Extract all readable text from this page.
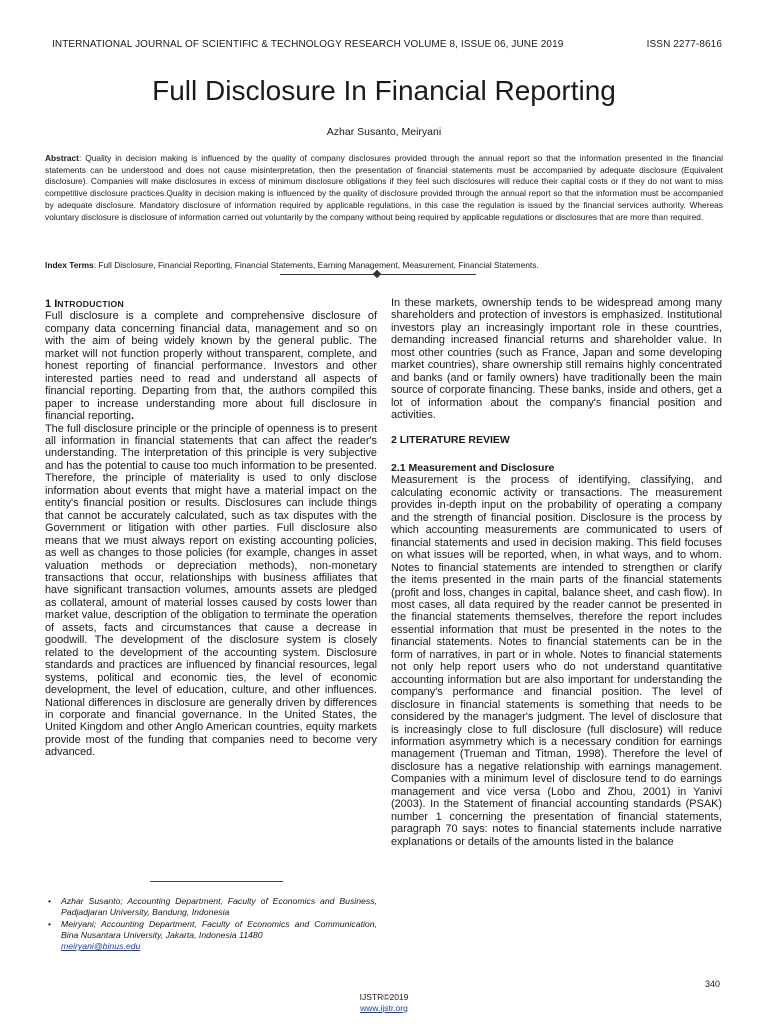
INTERNATIONAL JOURNAL OF SCIENTIFIC & TECHNOLOGY RESEARCH VOLUME 8, ISSUE 06, JUNE 2019	ISSN 2277-8616
Full Disclosure In Financial Reporting
Azhar Susanto, Meiryani

Abstract: Quality in decision making is influenced by the quality of company disclosures provided through the annual report so that the information presented in the financial statements can be understood and does not cause misinterpretation, then the presentation of financial statements must be accompanied by adequate disclosure (Equivalent disclosure). Companies will make disclosures in excess of minimum disclosure obligations if they feel such disclosures will reduce their capital costs or if they do not want to miss competitive disclosure practices.Quality in decision making is influenced by the quality of disclosure provided through the annual report so that the information must be accompanied by adequate disclosure. Mandatory disclosure of information required by applicable regulations, in this case the regulation is issued by the financial services authority. Whereas voluntary disclosure is disclosure of information carried out voluntarily by the company without being required by applicable regulations or disclosures that are more than required.

Index Terms: Full Disclosure, Financial Reporting, Financial Statements, Earning Management, Measurement, Financial Statements.

1 INTRODUCTION

Full disclosure is a complete and comprehensive disclosure of company data concerning financial data, management and so on with the aim of being widely known by the general public. The market will not function properly without transparent, complete, and honest reporting of financial performance. Investors and other interested parties need to read and understand all aspects of financial reporting. Departing from that, the authors compiled this paper to increase understanding more about full disclosure in financial reporting.

The full disclosure principle or the principle of openness is to present all information in financial statements that can affect the reader's understanding. The interpretation of this principle is very subjective and has the potential to cause too much information to be presented. Therefore, the principle of materiality is used to only disclose information about events that might have a material impact on the entity's financial position or results. Disclosures can include things that cannot be accurately calculated, such as tax disputes with the Government or litigation with other parties. Full disclosure also means that we must always report on existing accounting policies, as well as changes to those policies (for example, changes in asset valuation methods or depreciation methods), non-monetary transactions that occur, relationships with business affiliates that have significant transaction volumes, amounts assets are pledged as collateral, amount of material losses caused by costs lower than market value, description of the obligation to terminate the operation of assets, facts and circumstances that cause a decrease in goodwill. The development of the disclosure system is closely related to the development of the accounting system. Disclosure standards and practices are influenced by financial resources, legal systems, political and economic ties, the level of economic development, the level of education, culture, and other influences. National differences in disclosure are generally driven by differences in corporate and financial governance. In the United States, the United Kingdom and other Anglo American countries, equity markets provide most of the funding that companies need to become very advanced.

In these markets, ownership tends to be widespread among many shareholders and protection of investors is emphasized. Institutional investors play an increasingly important role in these countries, demanding increased financial returns and shareholder value. In most other countries (such as France, Japan and some developing market countries), share ownership still remains highly concentrated and banks (and or family owners) have traditionally been the main source of corporate financing. These banks, inside and others, get a lot of information about the company's financial position and activities.

2 LITERATURE REVIEW

2.1 Measurement and Disclosure

Measurement is the process of identifying, classifying, and calculating economic activity or transactions. The measurement provides in-depth input on the probability of operating a company and the strength of financial position. Disclosure is the process by which accounting measurements are communicated to users of financial statements and used in decision making. This field focuses on what issues will be reported, when, in what ways, and to whom. Notes to financial statements are intended to strengthen or clarify the items presented in the main parts of the financial statements (profit and loss, changes in capital, balance sheet, and cash flow). In most cases, all data required by the reader cannot be presented in the financial statements themselves, therefore the report includes essential information that must be presented in the notes to the financial statements. Notes to financial statements can be in the form of narratives, in part or in whole. Notes to financial statements not only help report users who do not understand quantitative accounting information but are also important for understanding the company's performance and financial position. The level of disclosure in financial statements is something that needs to be considered by the manager's judgment. The level of disclosure that is increasingly close to full disclosure (full disclosure) will reduce information asymmetry which is a necessary condition for earnings management (Trueman and Titman, 1998). Therefore the level of disclosure has a negative relationship with earnings management. Companies with a minimum level of disclosure tend to do earnings management and vice versa (Lobo and Zhou, 2001) in Yanivi (2003). In the Statement of financial accounting standards (PSAK) number 1 concerning the presentation of financial statements, paragraph 70 says: notes to financial statements include narrative explanations or details of the amounts listed in the balance

• Azhar Susanto; Accounting Department, Faculty of Economics and Business, Padjadjaran University, Bandung, Indonesia
• Meiryani; Accounting Department, Faculty of Economics and Communication, Bina Nusantara University, Jakarta, Indonesia 11480
meiryani@binus.edu
340
IJSTR©2019
www.ijstr.org
